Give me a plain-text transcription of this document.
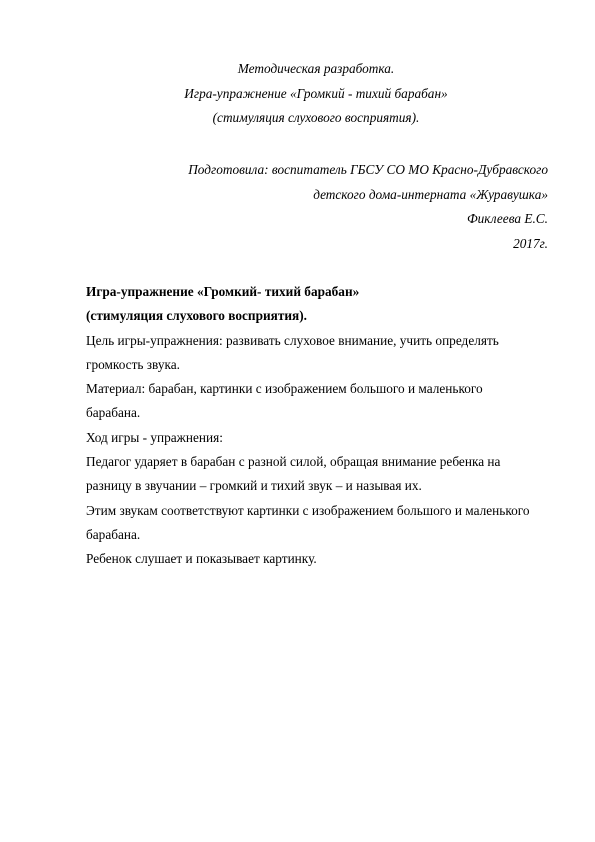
Методическая разработка.
Игра-упражнение «Громкий - тихий барабан»
(стимуляция слухового восприятия).
Подготовила: воспитатель ГБСУ СО МО Красно-Дубравского
детского дома-интерната «Журавушка»
Фиклеева Е.С.
2017г.
Игра-упражнение «Громкий- тихий барабан»
(стимуляция слухового восприятия).
Цель игры-упражнения: развивать слуховое внимание, учить определять
громкость звука.
Материал: барабан, картинки с изображением большого и маленького
барабана.
Ход игры - упражнения:
Педагог ударяет в барабан с разной силой, обращая внимание ребенка на
разницу в звучании – громкий и тихий звук – и называя их.
Этим звукам соответствуют картинки с изображением большого и маленького
барабана.
Ребенок слушает и показывает картинку.
